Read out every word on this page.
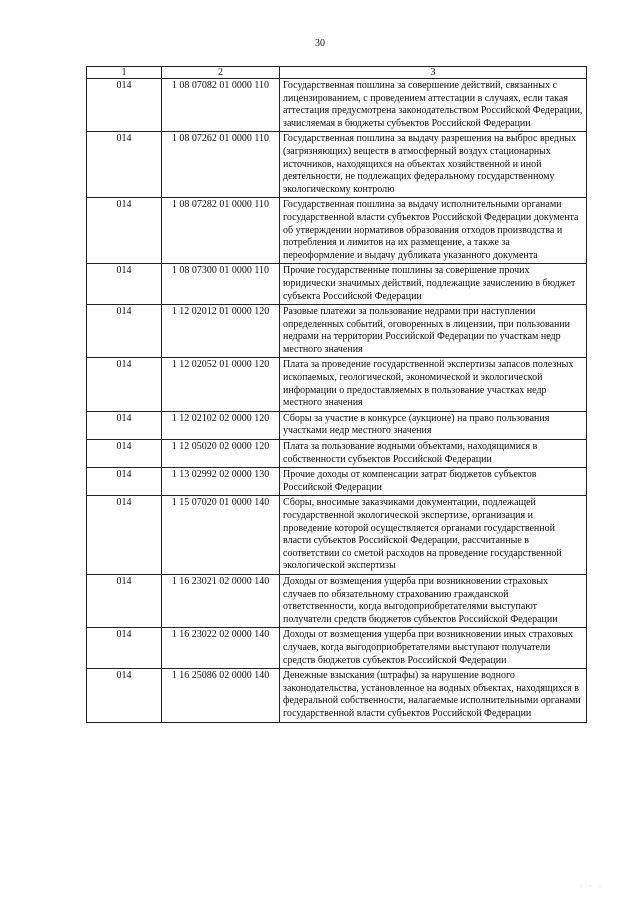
30
1	2	3
014	1 08 07082 01 0000 110	Государственная пошлина за совершение действий, связанных с лицензированием, с проведением аттестации в случаях, если такая аттестация предусмотрена законодательством Российской Федерации, зачисляемая в бюджеты субъектов Российской Федерации
014	1 08 07262 01 0000 110	Государственная пошлина за выдачу разрешения на выброс вредных (загрязняющих) веществ в атмосферный воздух стационарных источников, находящихся на объектах хозяйственной и иной деятельности, не подлежащих федеральному государственному экологическому контролю
014	1 08 07282 01 0000 110	Государственная пошлина за выдачу исполнительными органами государственной власти субъектов Российской Федерации документа об утверждении нормативов образования отходов производства и потребления и лимитов на их размещение, а также за переоформление и выдачу дубликата указанного документа
014	1 08 07300 01 0000 110	Прочие государственные пошлины за совершение прочих юридически значимых действий, подлежащие зачислению в бюджет субъекта Российской Федерации
014	1 12 02012 01 0000 120	Разовые платежи за пользование недрами при наступлении определенных событий, оговоренных в лицензии, при пользовании недрами на территории Российской Федерации по участкам недр местного значения
014	1 12 02052 01 0000 120	Плата за проведение государственной экспертизы запасов полезных ископаемых, геологической, экономической и экологической информации о предоставляемых в пользование участках недр местного значения
014	1 12 02102 02 0000 120	Сборы за участие в конкурсе (аукционе) на право пользования участками недр местного значения
014	1 12 05020 02 0000 120	Плата за пользование водными объектами, находящимися в собственности субъектов Российской Федерации
014	1 13 02992 02 0000 130	Прочие доходы от компенсации затрат бюджетов субъектов Российской Федерации
014	1 15 07020 01 0000 140	Сборы, вносимые заказчиками документации, подлежащей государственной экологической экспертизе, организация и проведение которой осуществляется органами государственной власти субъектов Российской Федерации, рассчитанные в соответствии со сметой расходов на проведение государственной экологической экспертизы
014	1 16 23021 02 0000 140	Доходы от возмещения ущерба при возникновении страховых случаев по обязательному страхованию гражданской ответственности, когда выгодоприобретателями выступают получатели средств бюджетов субъектов Российской Федерации
014	1 16 23022 02 0000 140	Доходы от возмещения ущерба при возникновении иных страховых случаев, когда выгодоприобретателями выступают получатели средств бюджетов субъектов Российской Федерации
014	1 16 25086 02 0000 140	Денежные взыскания (штрафы) за нарушение водного законодательства, установленное на водных объектах, находящихся в федеральной собственности, налагаемые исполнительными органами государственной власти субъектов Российской Федерации
· · ·
